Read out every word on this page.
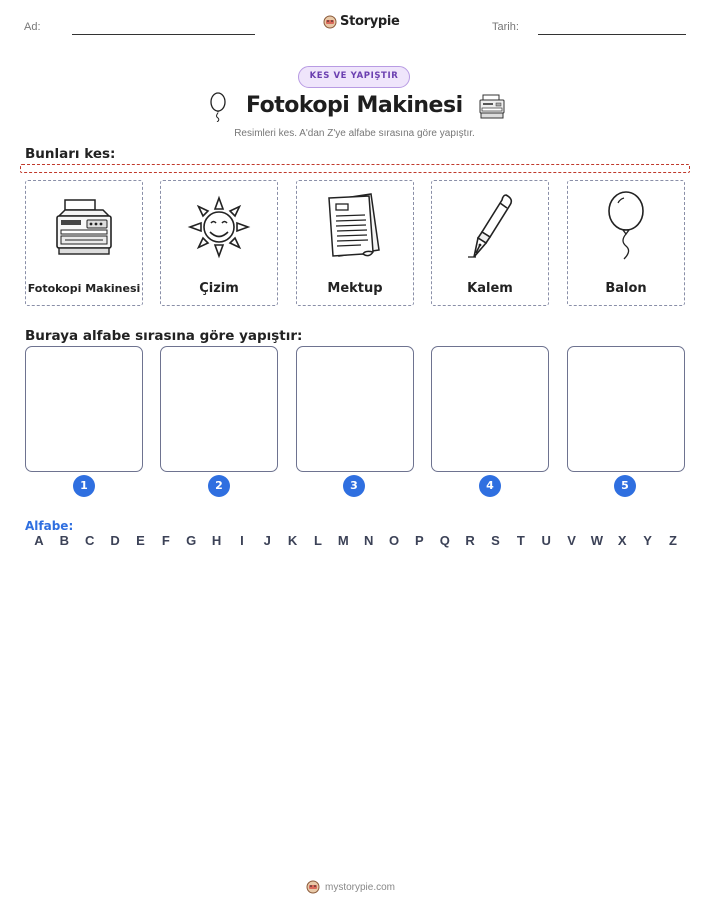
Ad:	Storypie	Tarih:
KES VE YAPIŞTIR
Fotokopi Makinesi
Resimleri kes. A'dan Z'ye alfabe sırasına göre yapıştır.
Bunları kes:
Fotokopi Makinesi	Çizim	Mektup	Kalem	Balon
Buraya alfabe sırasına göre yapıştır:
1	2	3	4	5
Alfabe:
A B C D E F G H	I	J K L M N O P Q R S T U V W X Y Z
mystorypie.com
